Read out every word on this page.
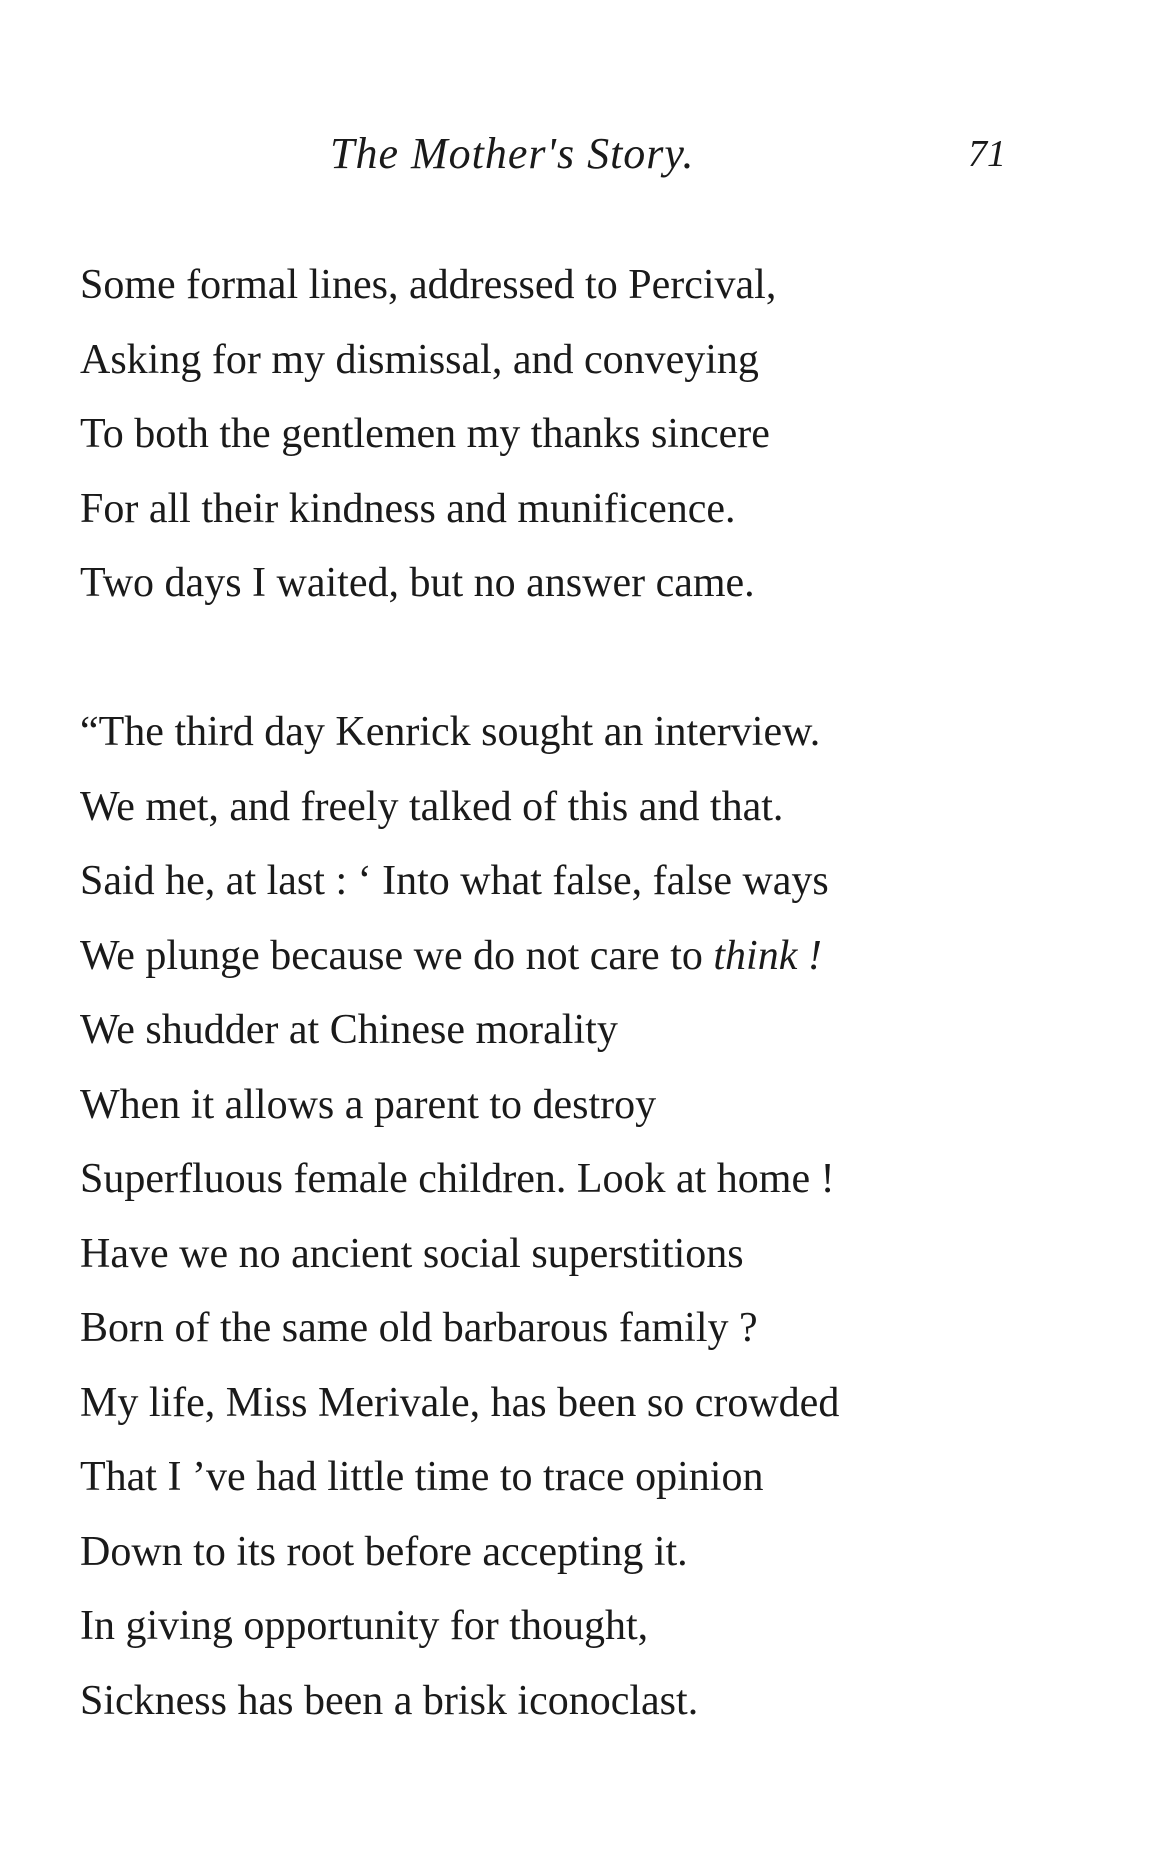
The Mother's Story.	71
Some formal lines, addressed to Percival,
Asking for my dismissal, and conveying
To both the gentlemen my thanks sincere
For all their kindness and munificence.
Two days I waited, but no answer came.
“The third day Kenrick sought an interview.
We met, and freely talked of this and that.
Said he, at last : ‘ Into what false, false ways
We plunge because we do not care to think !
We shudder at Chinese morality
When it allows a parent to destroy
Superfluous female children. Look at home !
Have we no ancient social superstitions
Born of the same old barbarous family ?
My life, Miss Merivale, has been so crowded
That I ’ve had little time to trace opinion
Down to its root before accepting it.
In giving opportunity for thought,
Sickness has been a brisk iconoclast.
